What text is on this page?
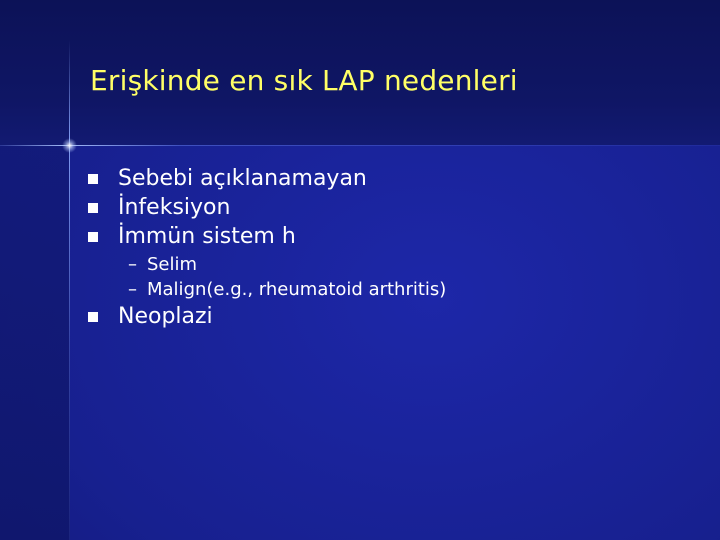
Erişkinde en sık LAP nedenleri
Sebebi açıklanamayan
İnfeksiyon
İmmün sistem h
– Selim
– Malign(e.g., rheumatoid arthritis)
Neoplazi
